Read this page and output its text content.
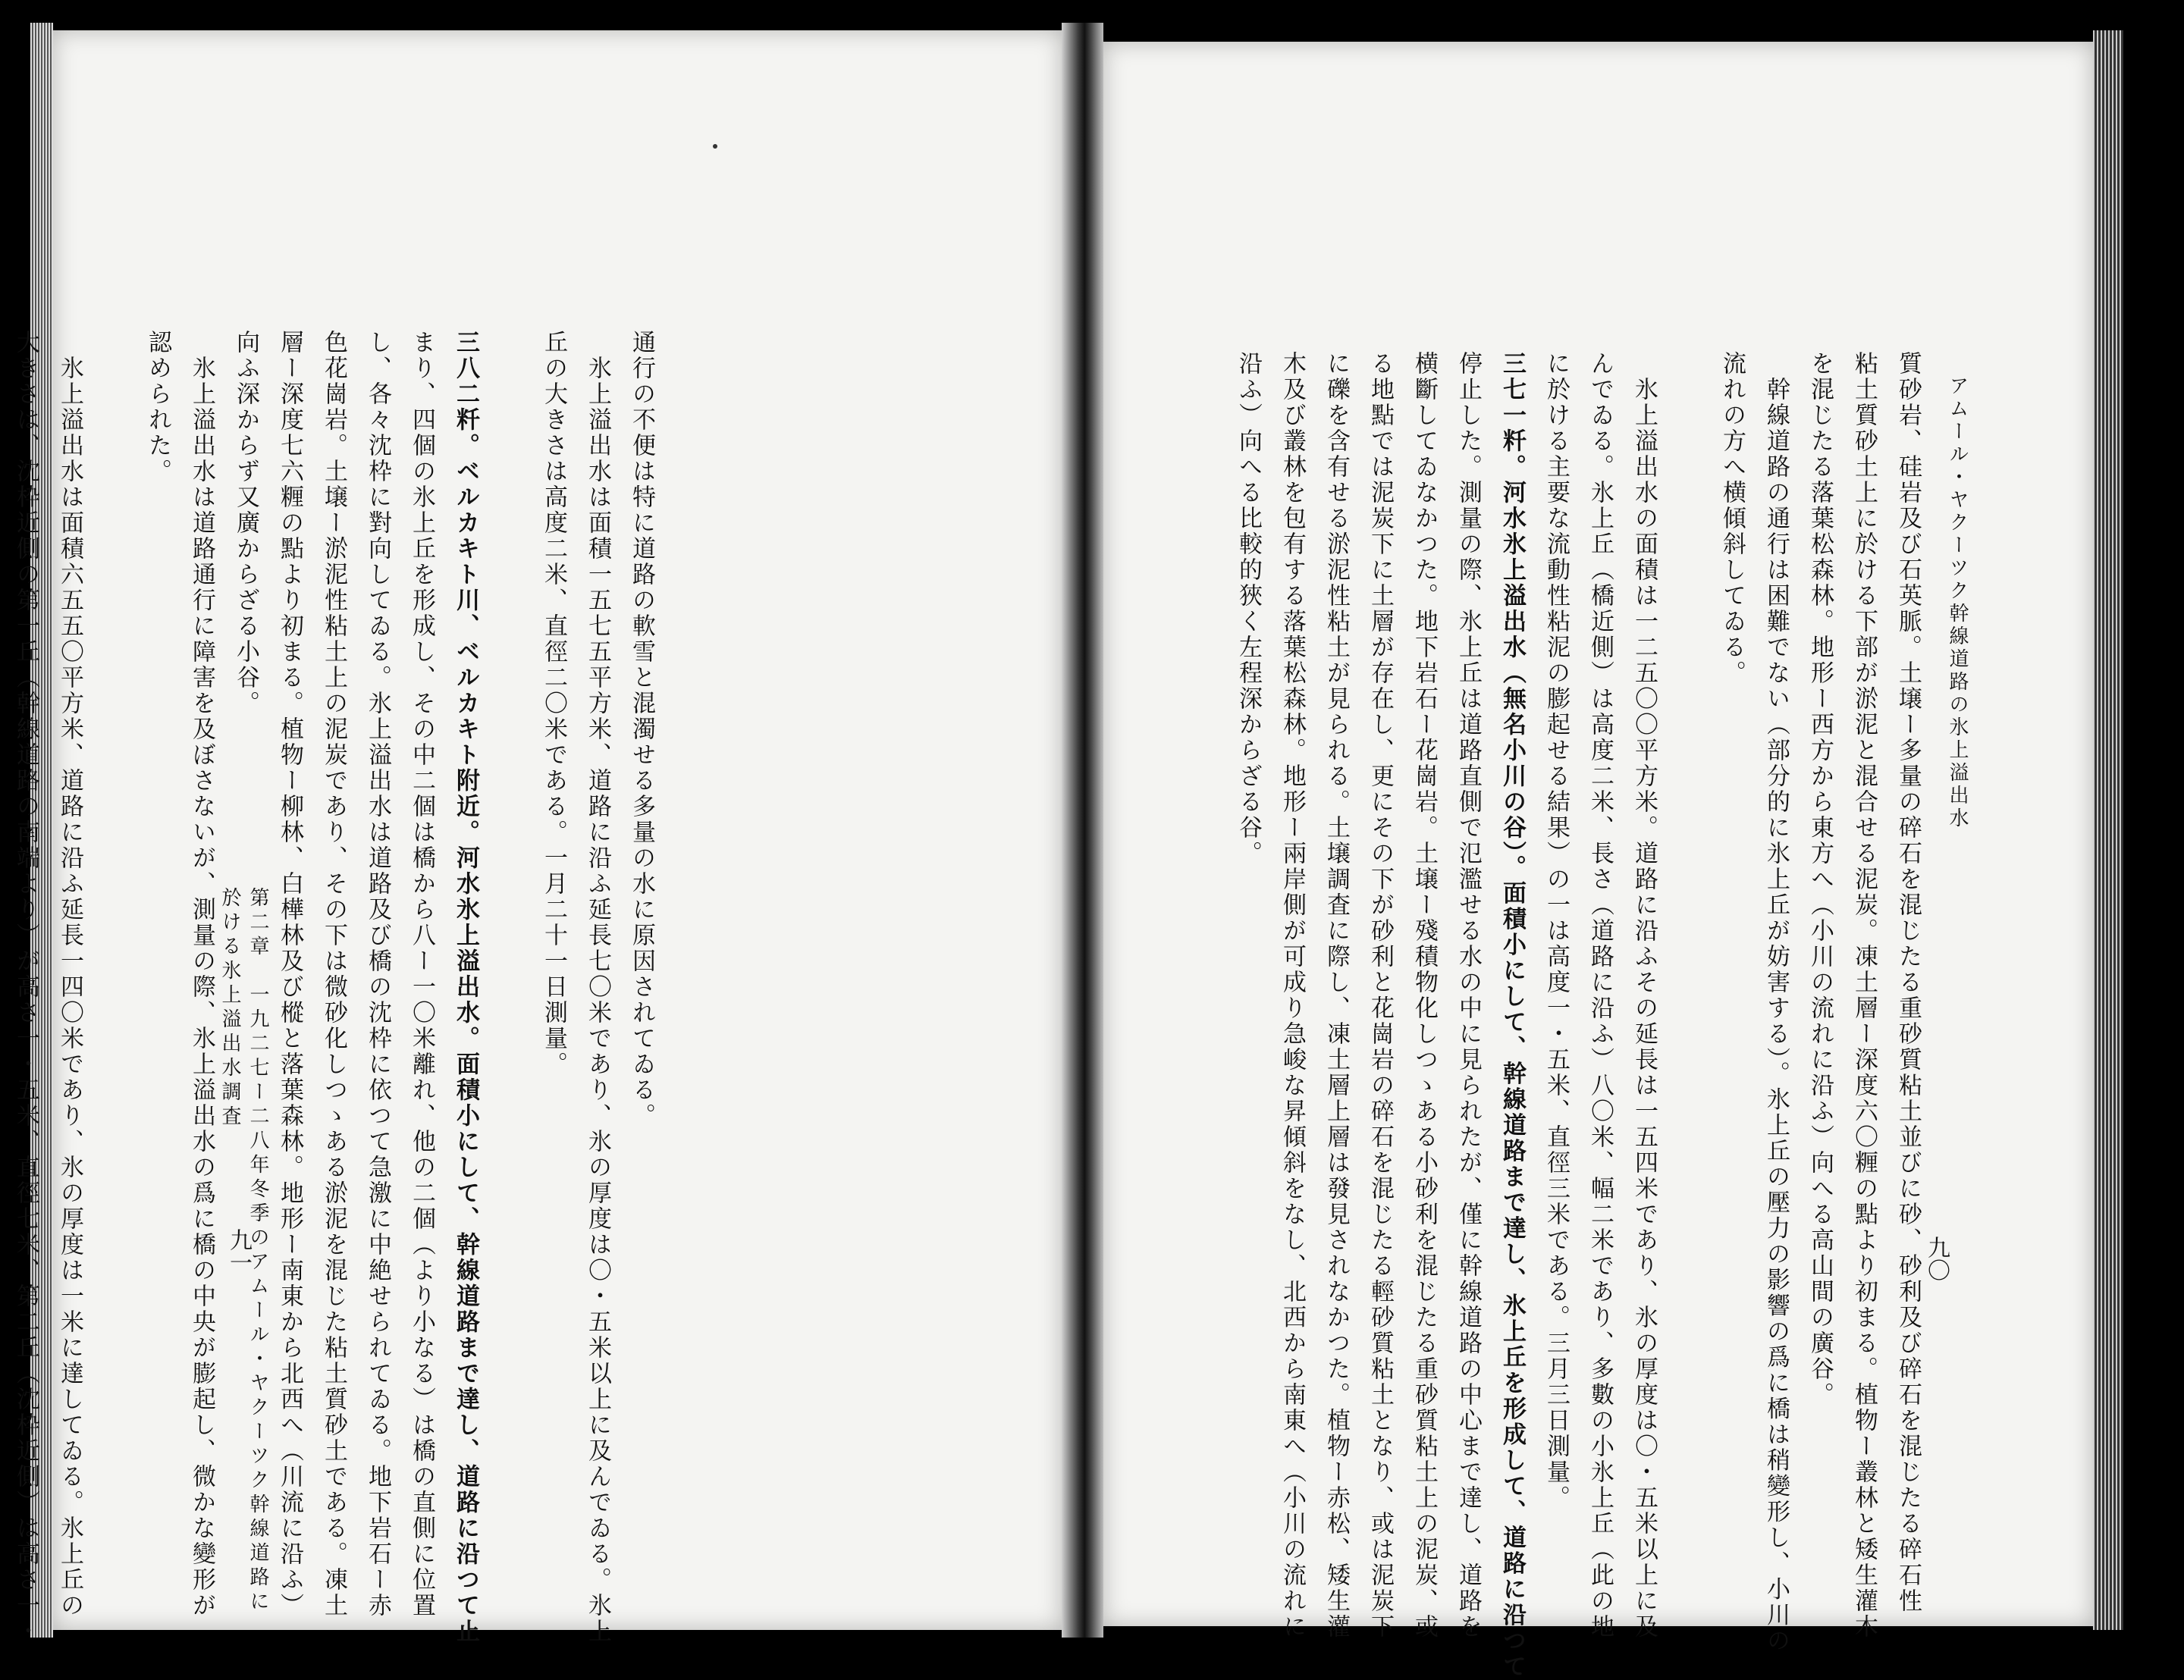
通行の不便は特に道路の軟雪と混濁せる多量の水に原因されてゐる。
氷上溢出水は面積一五七五平方米、道路に沿ふ延長七〇米であり、氷の厚度は〇・五米以上に及んでゐる。氷上
丘の大きさは高度二米、直徑二〇米である。一月二十一日測量。
三八二粁。ベルカキト川、ベルカキト附近。河水氷上溢出水。面積小にして、幹線道路まで達し、道路に沿つて止
まり、四個の氷上丘を形成し、その中二個は橋から八ー一〇米離れ、他の二個（より小なる）は橋の直側に位置
し、各々沈枠に對向してゐる。氷上溢出水は道路及び橋の沈枠に依つて急激に中絶せられてゐる。地下岩石ー赤
色花崗岩。土壌ー淤泥性粘土上の泥炭であり、その下は微砂化しつゝある淤泥を混じた粘土質砂土である。凍土
層ー深度七六糎の點より初まる。植物ー柳林、白樺林及び樅と落葉森林。地形ー南東から北西へ（川流に沿ふ）
向ふ深からず又廣からざる小谷。
氷上溢出水は道路通行に障害を及ぼさないが、測量の際、氷上溢出水の爲に橋の中央が膨起し、微かな變形が
認められた。
氷上溢出水は面積六五五〇平方米、道路に沿ふ延長一四〇米であり、氷の厚度は一米に達してゐる。氷上丘の
大きさは、沈枠近側の第一丘（幹線道路の南端より）が高さ一・五米、直徑七米、第二丘（沈枠近側）は高さ一・	第二章　一九二七ー二八年冬季のアムール・ヤクーツク幹線道路に於ける氷上溢出水調査
九一
アムール・ヤクーツク幹線道路の氷上溢出水
九〇
質砂岩、硅岩及び石英脈。土壌ー多量の碎石を混じたる重砂質粘土並びに砂、砂利及び碎石を混じたる碎石性
粘土質砂土上に於ける下部が淤泥と混合せる泥炭。凍土層ー深度六〇糎の點より初まる。植物ー叢林と矮生灌木
を混じたる落葉松森林。地形ー西方から東方へ（小川の流れに沿ふ）向へる高山間の廣谷。
幹線道路の通行は困難でない（部分的に氷上丘が妨害する）。氷上丘の壓力の影響の爲に橋は稍變形し、小川の
流れの方へ横傾斜してゐる。
氷上溢出水の面積は一二五〇〇平方米。道路に沿ふその延長は一五四米であり、氷の厚度は〇・五米以上に及
んでゐる。氷上丘（橋近側）は高度二米、長さ（道路に沿ふ）八〇米、幅二米であり、多數の小氷上丘（此の地
に於ける主要な流動性粘泥の膨起せる結果）の一は高度一・五米、直徑三米である。三月三日測量。
三七一粁。河水氷上溢出水（無名小川の谷）。面積小にして、幹線道路まで達し、氷上丘を形成して、道路に沿つて
停止した。測量の際、氷上丘は道路直側で氾濫せる水の中に見られたが、僅に幹線道路の中心まで達し、道路を
横斷してゐなかつた。地下岩石ー花崗岩。土壌ー殘積物化しつゝある小砂利を混じたる重砂質粘土上の泥炭、或
る地點では泥炭下に土層が存在し、更にその下が砂利と花崗岩の碎石を混じたる輕砂質粘土となり、或は泥炭下
に礫を含有せる淤泥性粘土が見られる。土壌調査に際し、凍土層上層は發見されなかつた。植物ー赤松、矮生灌
木及び叢林を包有する落葉松森林。地形ー兩岸側が可成り急峻な昇傾斜をなし、北西から南東へ（小川の流れに
沿ふ）向へる比較的狹く左程深からざる谷。
